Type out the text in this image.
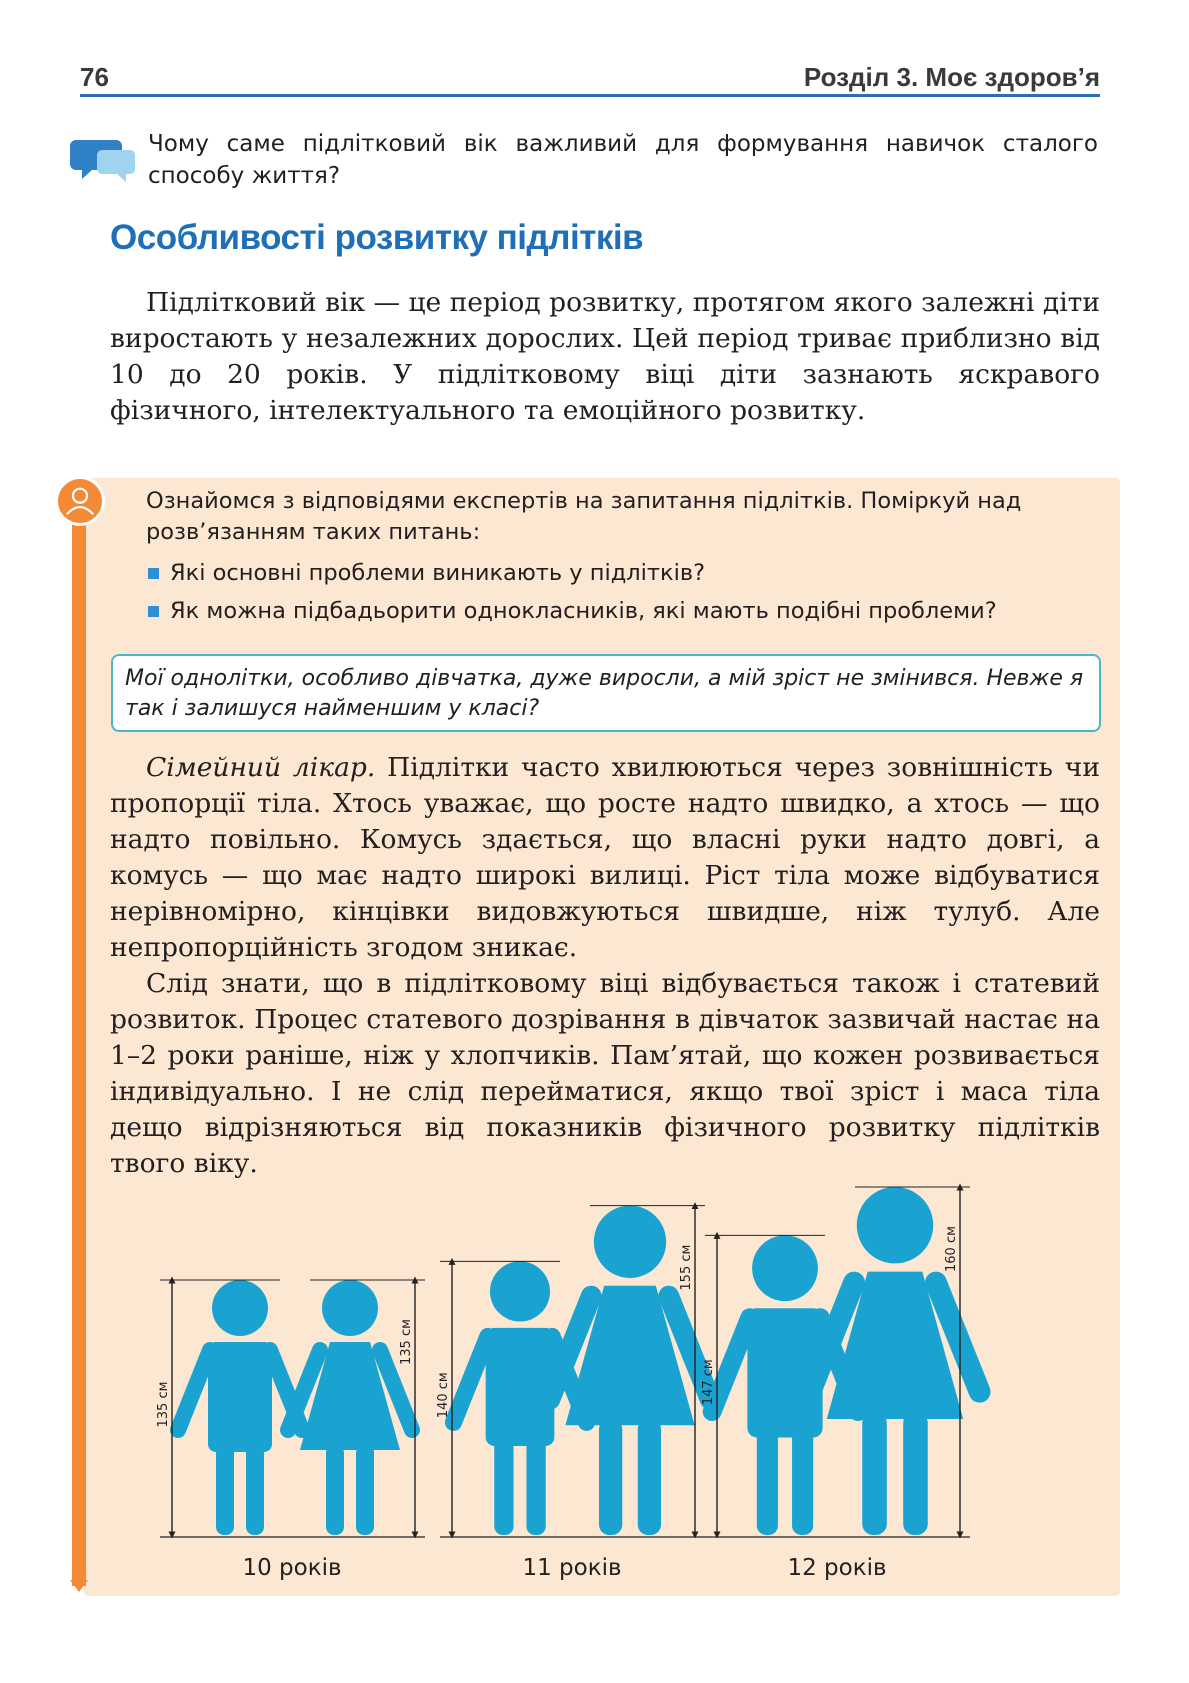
76	Розділ 3. Моє здоров’я
Чому саме підлітковий вік важливий для формування навичок сталого способу життя?
Особливості розвитку підлітків
Підлітковий вік — це період розвитку, протягом якого залежні діти виростають у незалежних дорослих. Цей період триває приблизно від 10 до 20 років. У підлітковому віці діти зазнають яскравого фізичного, інтелектуального та емоційного розвитку.
Ознайомся з відповідями експертів на запитання підлітків. Поміркуй над розв’язанням таких питань:
Які основні проблеми виникають у підлітків?
Як можна підбадьорити однокласників, які мають подібні проблеми?
Мої однолітки, особливо дівчатка, дуже виросли, а мій зріст не змінився. Невже я так і залишуся найменшим у класі?

Сімейний лікар. Підлітки часто хвилюються через зовнішність чи пропорції тіла. Хтось уважає, що росте надто швидко, а хтось — що надто повільно. Комусь здається, що власні руки надто довгі, а комусь — що має надто широкі вилиці. Ріст тіла може відбуватися нерівномірно, кінцівки видовжуються швидше, ніж тулуб. Але непропорційність згодом зникає.

Слід знати, що в підлітковому віці відбувається також і статевий розвиток. Процес статевого дозрівання в дівчаток зазвичай настає на 1–2 роки раніше, ніж у хлопчиків. Пам’ятай, що кожен розвивається індивідуально. І не слід перейматися, якщо твої зріст і маса тіла дещо відрізняються від показників фізичного розвитку підлітків твого віку.

135 см
135 см
10 років
140 см
155 см
11 років
147 см
160 см
12 років
